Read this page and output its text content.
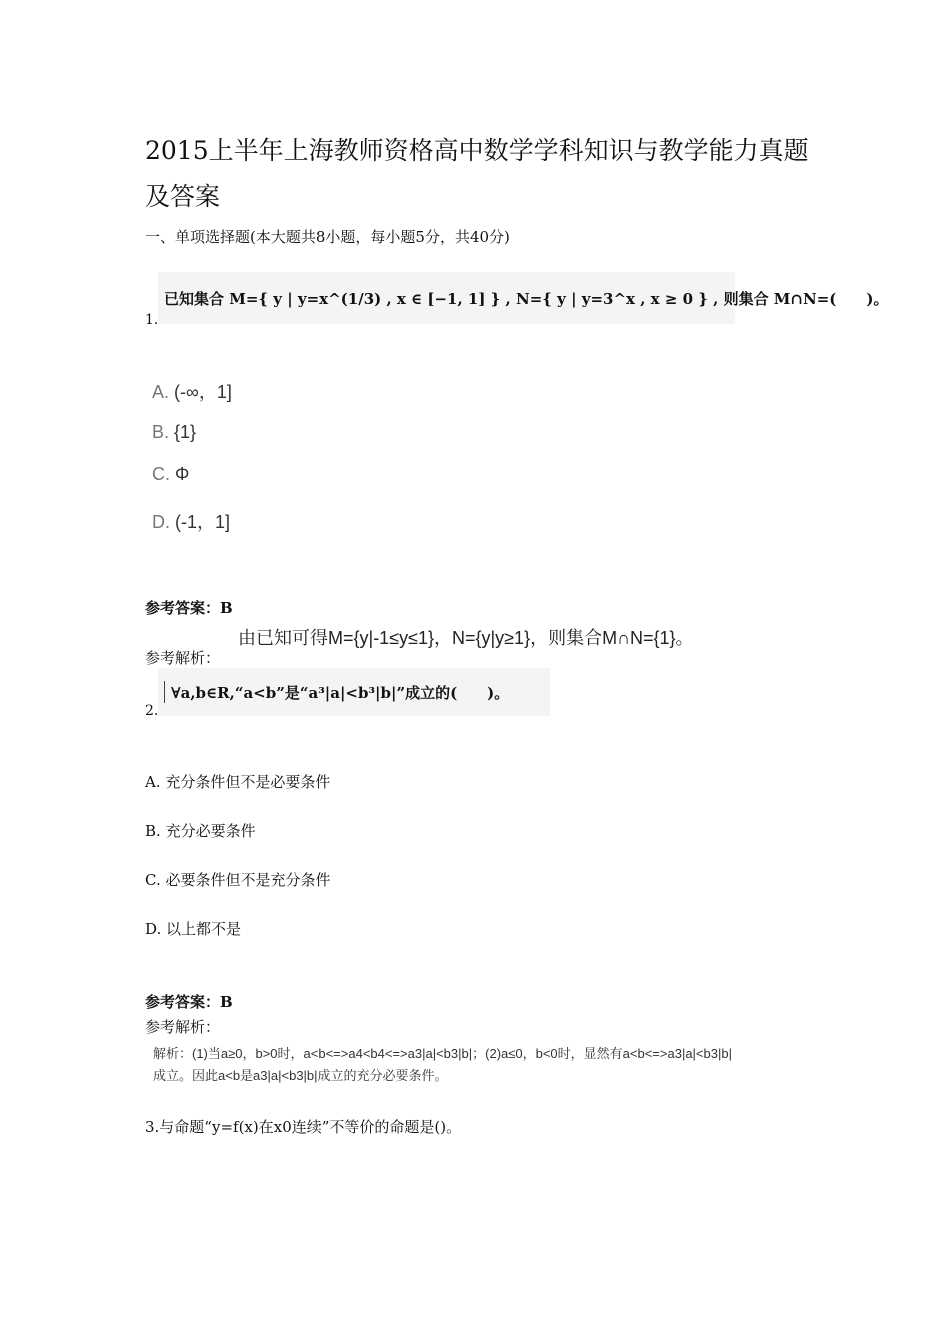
2015上半年上海教师资格高中数学学科知识与教学能力真题及答案
一、单项选择题(本大题共8小题，每小题5分，共40分)
已知集合 M={ y | y=x^(1/3) , x ∈ [−1, 1] } , N={ y | y=3^x , x ≥ 0 } , 则集合 M∩N=(　　)。
1.
A. (-∞，1]
B. {1}
C. Φ
D. (-1，1]
参考答案：B
由已知可得M={y|-1≤y≤1}，N={y|y≥1}，则集合M∩N={1}。
参考解析：
∀a,b∈R,“a<b”是“a³|a|<b³|b|”成立的(　　)。
2.
A. 充分条件但不是必要条件
B. 充分必要条件
C. 必要条件但不是充分条件
D. 以上都不是
参考答案：B
参考解析：
解析：(1)当a≥0，b>0时，a<b<=>a4<b4<=>a3|a|<b3|b|；(2)a≤0，b<0时，显然有a<b<=>a3|a|<b3|b|
成立。因此a<b是a3|a|<b3|b|成立的充分必要条件。
3.与命题“y=f(x)在x0连续”不等价的命题是()。
